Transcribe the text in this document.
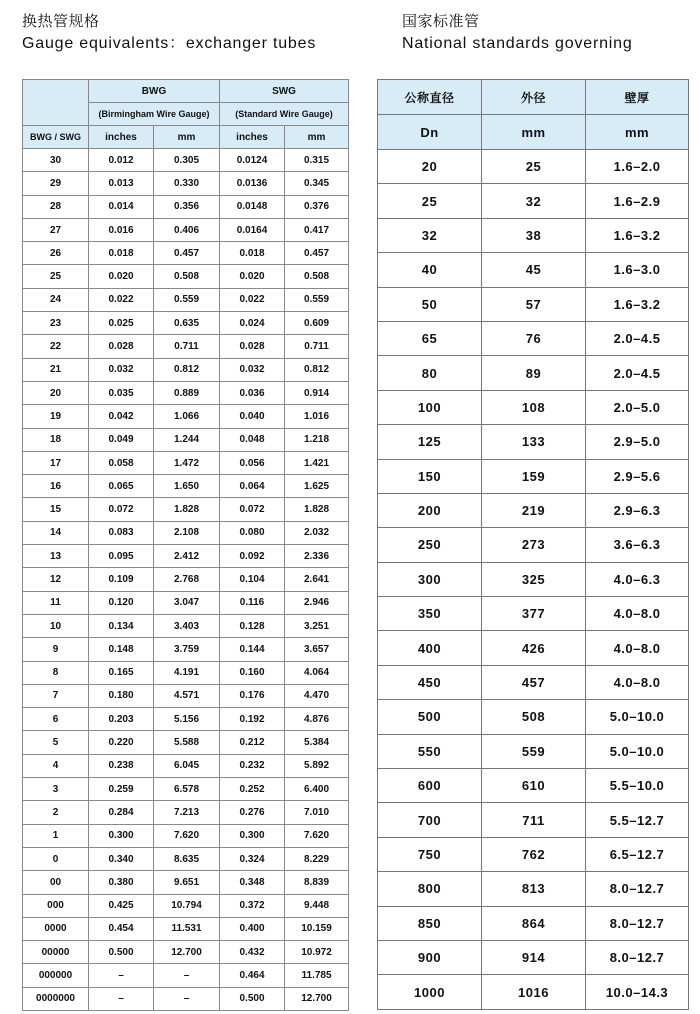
换热管规格
Gauge equivalents：exchanger tubes
国家标准管
National standards governing
	BWG		SWG	
	(Birmingham Wire Gauge)		(Standard Wire Gauge)	
BWG / SWG	inches	mm	inches	mm
30	0.012	0.305	0.0124	0.315
29	0.013	0.330	0.0136	0.345
28	0.014	0.356	0.0148	0.376
27	0.016	0.406	0.0164	0.417
26	0.018	0.457	0.018	0.457
25	0.020	0.508	0.020	0.508
24	0.022	0.559	0.022	0.559
23	0.025	0.635	0.024	0.609
22	0.028	0.711	0.028	0.711
21	0.032	0.812	0.032	0.812
20	0.035	0.889	0.036	0.914
19	0.042	1.066	0.040	1.016
18	0.049	1.244	0.048	1.218
17	0.058	1.472	0.056	1.421
16	0.065	1.650	0.064	1.625
15	0.072	1.828	0.072	1.828
14	0.083	2.108	0.080	2.032
13	0.095	2.412	0.092	2.336
12	0.109	2.768	0.104	2.641
11	0.120	3.047	0.116	2.946
10	0.134	3.403	0.128	3.251
9	0.148	3.759	0.144	3.657
8	0.165	4.191	0.160	4.064
7	0.180	4.571	0.176	4.470
6	0.203	5.156	0.192	4.876
5	0.220	5.588	0.212	5.384
4	0.238	6.045	0.232	5.892
3	0.259	6.578	0.252	6.400
2	0.284	7.213	0.276	7.010
1	0.300	7.620	0.300	7.620
0	0.340	8.635	0.324	8.229
00	0.380	9.651	0.348	8.839
000	0.425	10.794	0.372	9.448
0000	0.454	11.531	0.400	10.159
00000	0.500	12.700	0.432	10.972
000000	–	–	0.464	11.785
0000000	–	–	0.500	12.700
公称直径	外径	壁厚
Dn	mm	mm
20	25	1.6–2.0
25	32	1.6–2.9
32	38	1.6–3.2
40	45	1.6–3.0
50	57	1.6–3.2
65	76	2.0–4.5
80	89	2.0–4.5
100	108	2.0–5.0
125	133	2.9–5.0
150	159	2.9–5.6
200	219	2.9–6.3
250	273	3.6–6.3
300	325	4.0–6.3
350	377	4.0–8.0
400	426	4.0–8.0
450	457	4.0–8.0
500	508	5.0–10.0
550	559	5.0–10.0
600	610	5.5–10.0
700	711	5.5–12.7
750	762	6.5–12.7
800	813	8.0–12.7
850	864	8.0–12.7
900	914	8.0–12.7
1000	1016	10.0–14.3
